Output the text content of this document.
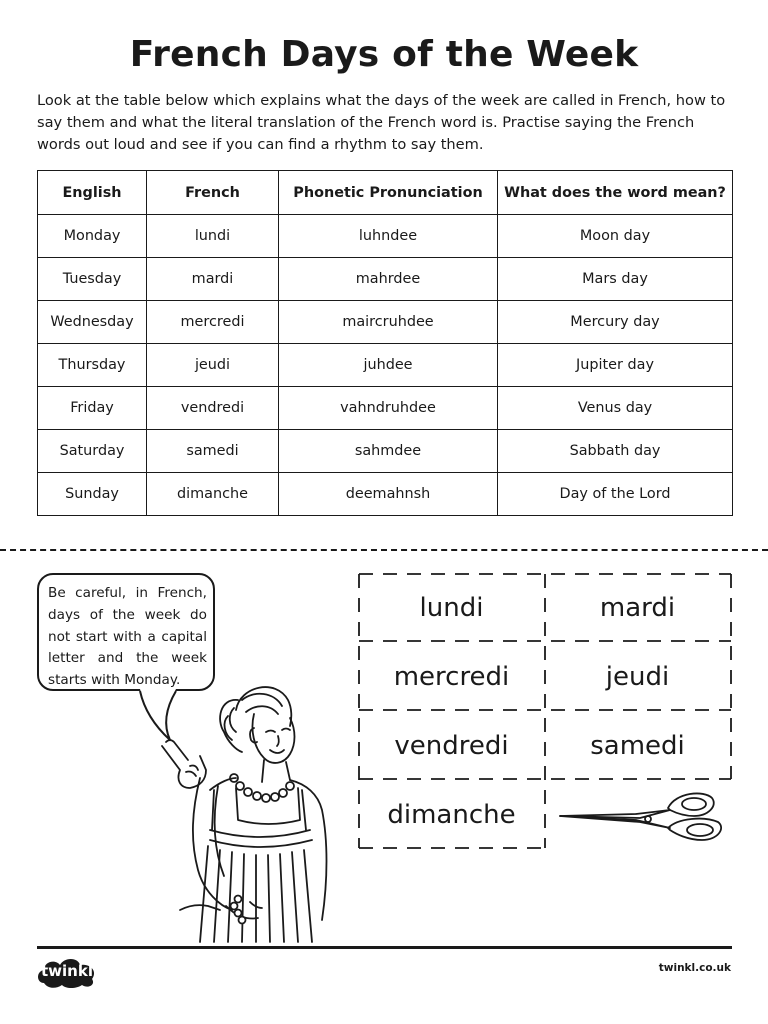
French Days of the Week
Look at the table below which explains what the days of the week are called in French, how to say them and what the literal translation of the French word is. Practise saying the French words out loud and see if you can find a rhythm to say them.
English	French	Phonetic Pronunciation	What does the word mean?
Monday	lundi	luhndee	Moon day
Tuesday	mardi	mahrdee	Mars day
Wednesday	mercredi	maircruhdee	Mercury day
Thursday	jeudi	juhdee	Jupiter day
Friday	vendredi	vahndruhdee	Venus day
Saturday	samedi	sahmdee	Sabbath day
Sunday	dimanche	deemahnsh	Day of the Lord
Be careful, in French, days of the week do not start with a capital letter and the week starts with Monday.
lundi	mardi
mercredi	jeudi
vendredi	samedi
dimanche
twinkl	twinkl.co.uk
